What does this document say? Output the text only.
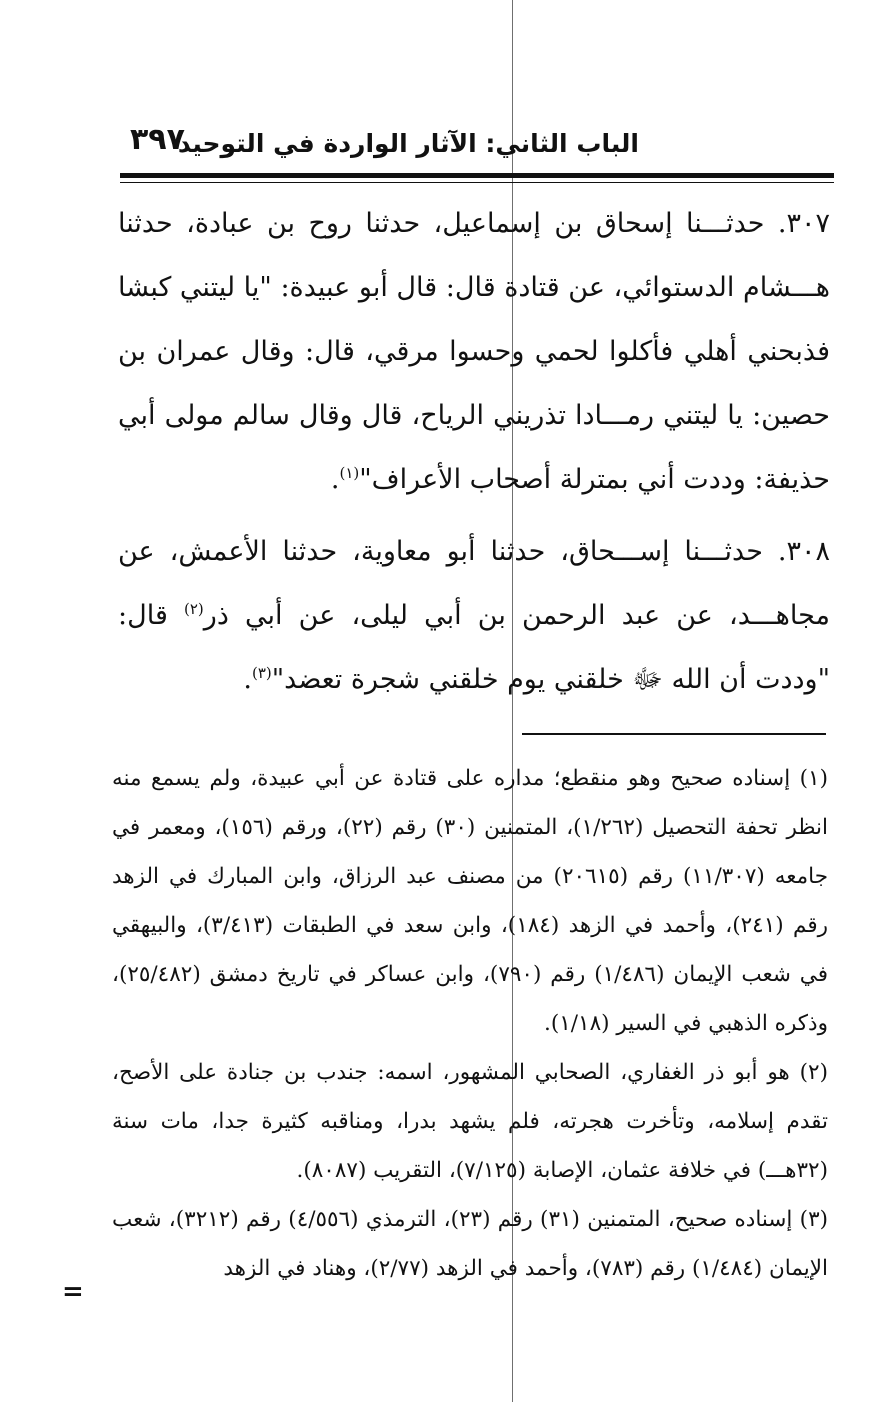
الباب الثاني: الآثار الواردة في التوحيد
٣٩٧

٣٠٧. حدثـــنا إسحاق بن إسماعيل، حدثنا روح بن عبادة، حدثنا هـــشام الدستوائي، عن قتادة قال: قال أبو عبيدة: "يا ليتني كبشا فذبحني أهلي فأكلوا لحمي وحسوا مرقي، قال: وقال عمران بن حصين: يا ليتني رمـــادا تذريني الرياح، قال وقال سالم مولى أبي حذيفة: وددت أني بمترلة أصحاب الأعراف"$^{(١)}$.

٣٠٨. حدثـــنا إســـحاق، حدثنا أبو معاوية، حدثنا الأعمش، عن مجاهـــد، عن عبد الرحمن بن أبي ليلى، عن أبي ذر$^{(٢)}$ قال: "وددت أن الله ﷻ خلقني يوم خلقني شجرة تعضد"$^{(٣)}$.

(١) إسناده صحيح وهو منقطع؛ مداره على قتادة عن أبي عبيدة، ولم يسمع منه انظر تحفة التحصيل (١/٢٦٢)، المتمنين (٣٠) رقم (٢٢)، ورقم (١٥٦)، ومعمر في جامعه (١١/٣٠٧) رقم (٢٠٦١٥) من مصنف عبد الرزاق، وابن المبارك في الزهد رقم (٢٤١)، وأحمد في الزهد (١٨٤)، وابن سعد في الطبقات (٣/٤١٣)، والبيهقي في شعب الإيمان (١/٤٨٦) رقم (٧٩٠)، وابن عساكر في تاريخ دمشق (٢٥/٤٨٢)، وذكره الذهبي في السير (١/١٨).

(٢) هو أبو ذر الغفاري، الصحابي المشهور، اسمه: جندب بن جنادة على الأصح، تقدم إسلامه، وتأخرت هجرته، فلم يشهد بدرا، ومناقبه كثيرة جدا، مات سنة (٣٢هـــ) في خلافة عثمان، الإصابة (٧/١٢٥)، التقريب (٨٠٨٧).

(٣) إسناده صحيح، المتمنين (٣١) رقم (٢٣)، الترمذي (٤/٥٥٦) رقم (٣٢١٢)، شعب الإيمان (١/٤٨٤) رقم (٧٨٣)، وأحمد في الزهد (٢/٧٧)، وهناد في الزهد

=
